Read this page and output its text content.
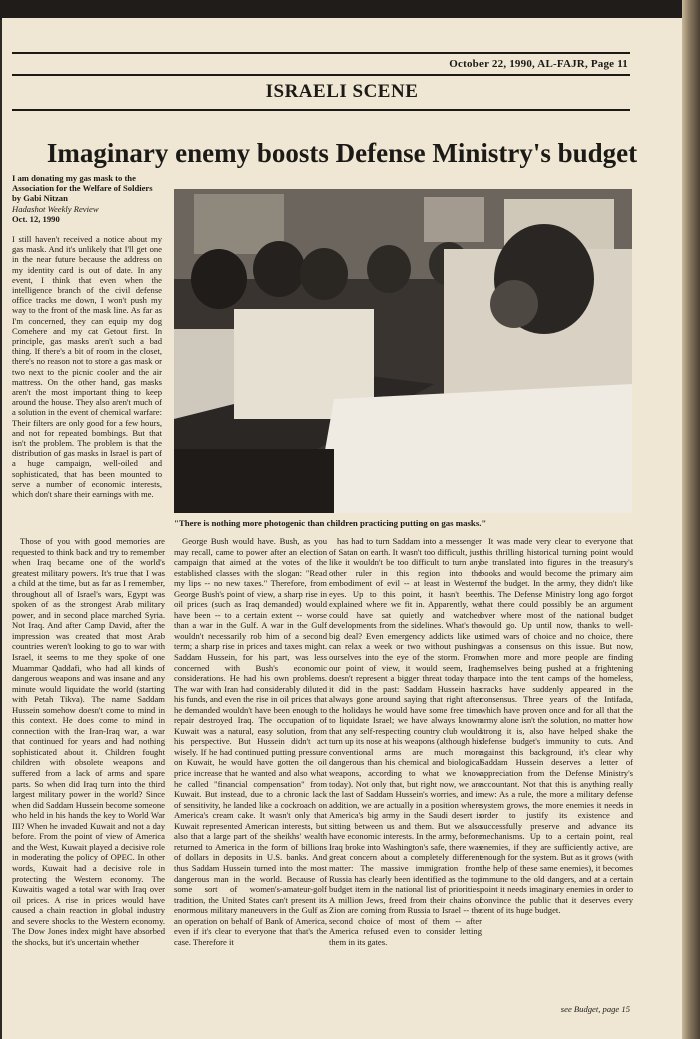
October 22, 1990, AL-FAJR, Page 11
ISRAELI SCENE
Imaginary enemy boosts Defense Ministry's budget
I am donating my gas mask to the Association for the Welfare of Soldiers
by Gabi Nitzan
Hadashot Weekly Review
Oct. 12, 1990
I still haven't received a notice about my gas mask. And it's unlikely that I'll get one in the near future because the address on my identity card is out of date. In any event, I think that even when the intelligence branch of the civil defense office tracks me down, I won't push my way to the front of the mask line. As far as I'm concerned, they can equip my dog Comehere and my cat Getout first. In principle, gas masks aren't such a bad thing. If there's a bit of room in the closet, there's no reason not to store a gas mask or two next to the picnic cooler and the air mattress. On the other hand, gas masks aren't the most important thing to keep around the house. They also aren't much of a solution in the event of chemical warfare: Their filters are only good for a few hours, and not for repeated bombings. But that isn't the problem. The problem is that the distribution of gas masks in Israel is part of a huge campaign, well-oiled and sophisticated, that has been mounted to serve a number of economic interests, which don't share their earnings with me.
"There is nothing more photogenic than children practicing putting on gas masks."

Those of you with good memories are requested to think back and try to remember when Iraq became one of the world's greatest military powers. It's true that I was a child at the time, but as far as I remember, throughout all of Israel's wars, Egypt was spoken of as the strongest Arab military power, and in second place marched Syria. Not Iraq. And after Camp David, after the impression was created that most Arab countries weren't looking to go to war with Israel, it seems to me they spoke of one Muammar Qaddafi, who had all kinds of dangerous weapons and was insane and any minute would liquidate the world (starting with Petah Tikva). The name Saddam Hussein somehow doesn't come to mind in this context. He does come to mind in connection with the Iran-Iraq war, a war that continued for years and had nothing sophisticated about it. Children fought children with obsolete weapons and suffered from a lack of arms and spare parts. So when did Iraq turn into the third largest military power in the world? Since when did Saddam Hussein become someone who held in his hands the key to World War III? When he invaded Kuwait and not a day before. From the point of view of America and the West, Kuwait played a decisive role in moderating the policy of OPEC. In other words, Kuwait had a decisive role in protecting the Western economy. The Kuwaitis waged a total war with Iraq over oil prices. A rise in prices would have caused a chain reaction in global industry and severe shocks to the Western economy. The Dow Jones index might have absorbed the shocks, but it's uncertain whether

George Bush would have. Bush, as you may recall, came to power after an election campaign that aimed at the votes of the established classes with the slogan: "Read my lips -- no new taxes." Therefore, from George Bush's point of view, a sharp rise in oil prices (such as Iraq demanded) would have been -- to a certain extent -- worse than a war in the Gulf. A war in the Gulf wouldn't necessarily rob him of a second term; a sharp rise in prices and taxes might. Saddam Hussein, for his part, was less concerned with Bush's economic considerations. He had his own problems. The war with Iran had considerably diluted his funds, and even the rise in oil prices that he demanded wouldn't have been enough to repair destroyed Iraq. The occupation of Kuwait was a natural, easy solution, from his perspective. But Hussein didn't act wisely. If he had continued putting pressure on Kuwait, he would have gotten the oil price increase that he wanted and also what he called "financial compensation" from Kuwait. But instead, due to a chronic lack of sensitivity, he landed like a cockroach on America's cream cake. It wasn't only that Kuwait represented American interests, but also that a large part of the sheikhs' wealth returned to America in the form of billions of dollars in deposits in U.S. banks. And thus Saddam Hussein turned into the most dangerous man in the world. Because of some sort of women's-amateur-golf tradition, the United States can't present its enormous military maneuvers in the Gulf as an operation on behalf of Bank of America, even if it's clear to everyone that that's the case. Therefore it

has had to turn Saddam into a messenger of Satan on earth. It wasn't too difficult, just like it wouldn't be too difficult to turn any other ruler in this region into the embodiment of evil -- at least in Western eyes. Up to this point, it hasn't been explained where we fit in. Apparently, we could have sat quietly and watched developments from the sidelines. What's the big deal? Even emergency addicts like us can relax a week or two without pushing ourselves into the eye of the storm. From our point of view, it would seem, Iraq doesn't represent a bigger threat today than it did in the past: Saddam Hussein has always gone around saying that right after the holidays he would have some free time to liquidate Israel; we have always known that any self-respecting country club would turn up its nose at his weapons (although his conventional arms are much more dangerous than his chemical and biological weapons, according to what we know today). Not only that, but right now, we are the last of Saddam Hussein's worries, and in addition, we are actually in a position where America's big army in the Saudi desert is sitting between us and them. But we also have economic interests. In the army, before Iraq broke into Washington's safe, there was great concern about a completely different matter: The massive immigration from Russia has clearly been identified as the top budget item in the national list of priorities. A million Jews, freed from their chains of Zion are coming from Russia to Israel -- the second choice of most of them -- after America refused even to consider letting them in its gates.

It was made very clear to everyone that this thrilling historical turning point would be translated into figures in the treasury's books and would become the primary aim of the budget. In the army, they didn't like this. The Defense Ministry long ago forgot that there could possibly be an argument over where most of the national budget would go. Up until now, thanks to well-timed wars of choice and no choice, there was a consensus on this issue. But now, when more and more people are finding themselves being pushed at a frightening pace into the tent camps of the homeless, cracks have suddenly appeared in the consensus. Three years of the Intifada, which have proven once and for all that the army alone isn't the solution, no matter how strong it is, also have helped shake the defense budget's immunity to cuts. And against this background, it's clear why Saddam Hussein deserves a letter of appreciation from the Defense Ministry's accountant. Not that this is anything really new: As a rule, the more a military defense system grows, the more enemies it needs in order to justify its existence and successfully preserve and advance its mechanisms. Up to a certain point, real enemies, if they are sufficiently active, are enough for the system. But as it grows (with the help of these same enemies), it becomes immune to the old dangers, and at a certain point it needs imaginary enemies in order to convince the public that it deserves every cent of its huge budget.

see Budget, page 15
